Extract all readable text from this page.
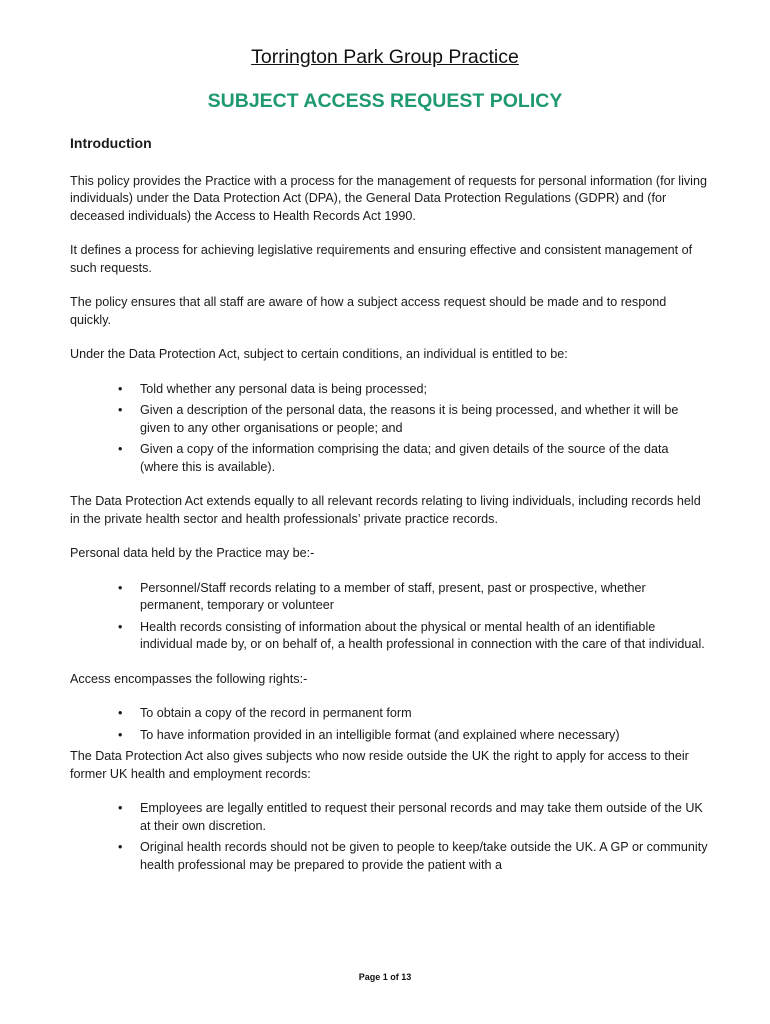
Torrington Park Group Practice
SUBJECT ACCESS REQUEST POLICY
Introduction

This policy provides the Practice with a process for the management of requests for personal information (for living individuals) under the Data Protection Act (DPA), the General Data Protection Regulations (GDPR) and (for deceased individuals) the Access to Health Records Act 1990.

It defines a process for achieving legislative requirements and ensuring effective and consistent management of such requests.

The policy ensures that all staff are aware of how a subject access request should be made and to respond quickly.

Under the Data Protection Act, subject to certain conditions, an individual is entitled to be:

• Told whether any personal data is being processed;
• Given a description of the personal data, the reasons it is being processed, and whether it will be given to any other organisations or people; and
• Given a copy of the information comprising the data; and given details of the source of the data (where this is available).

The Data Protection Act extends equally to all relevant records relating to living individuals, including records held in the private health sector and health professionals’ private practice records.

Personal data held by the Practice may be:-

• Personnel/Staff records relating to a member of staff, present, past or prospective, whether permanent, temporary or volunteer
• Health records consisting of information about the physical or mental health of an identifiable individual made by, or on behalf of, a health professional in connection with the care of that individual.

Access encompasses the following rights:-

• To obtain a copy of the record in permanent form
• To have information provided in an intelligible format (and explained where necessary)

The Data Protection Act also gives subjects who now reside outside the UK the right to apply for access to their former UK health and employment records:

• Employees are legally entitled to request their personal records and may take them outside of the UK at their own discretion.
• Original health records should not be given to people to keep/take outside the UK. A GP or community health professional may be prepared to provide the patient with a
Page 1 of 13
